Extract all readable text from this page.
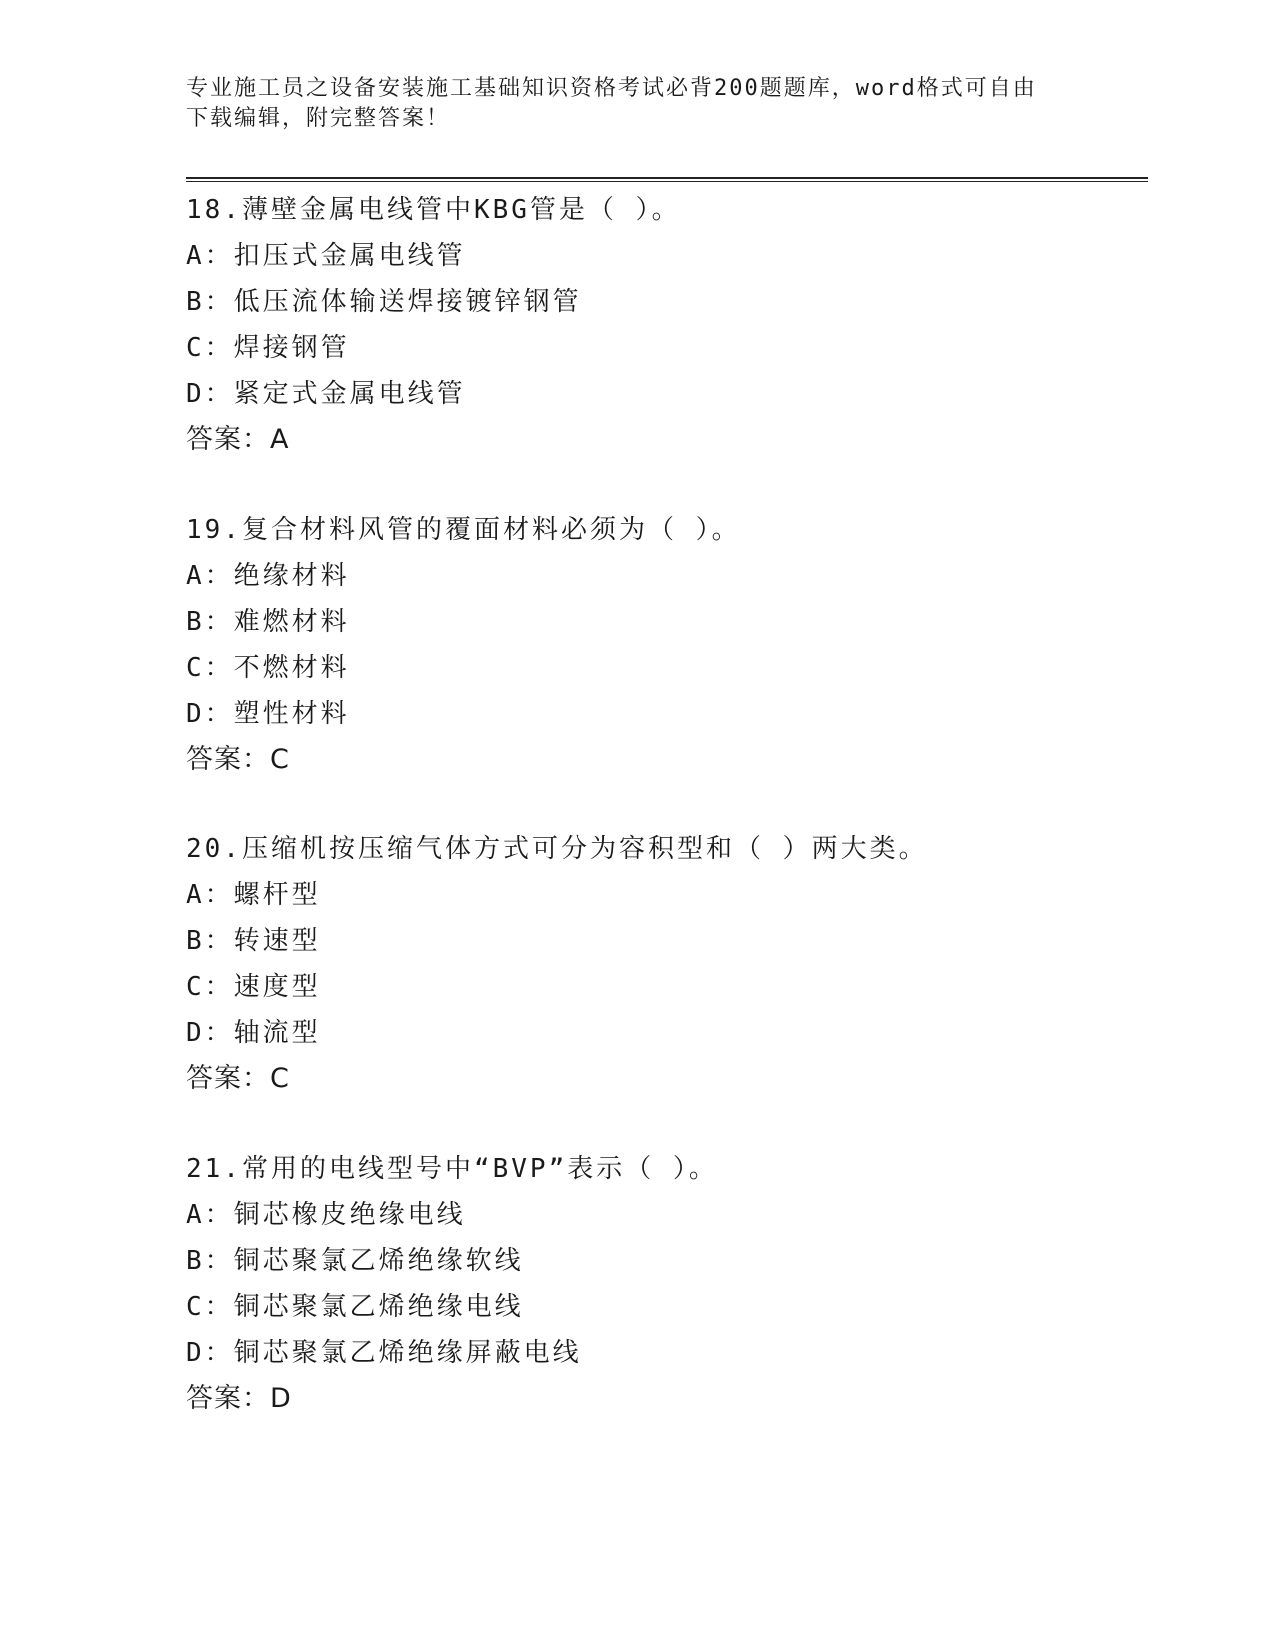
专业施工员之设备安装施工基础知识资格考试必背200题题库，word格式可自由
下载编辑，附完整答案！
18.薄壁金属电线管中KBG管是（ ）。
A：扣压式金属电线管
B：低压流体输送焊接镀锌钢管
C：焊接钢管
D：紧定式金属电线管
答案：A
19.复合材料风管的覆面材料必须为（ ）。
A：绝缘材料
B：难燃材料
C：不燃材料
D：塑性材料
答案：C
20.压缩机按压缩气体方式可分为容积型和（ ）两大类。
A：螺杆型
B：转速型
C：速度型
D：轴流型
答案：C
21.常用的电线型号中“BVP”表示（ ）。
A：铜芯橡皮绝缘电线
B：铜芯聚氯乙烯绝缘软线
C：铜芯聚氯乙烯绝缘电线
D：铜芯聚氯乙烯绝缘屏蔽电线
答案：D
